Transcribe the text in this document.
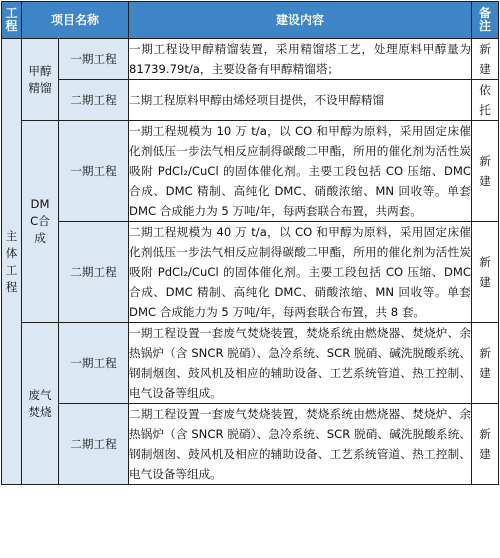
工程	项目名称		建设内容	备注
主体工程	甲醇精馏	一期工程	一期工程设甲醇精馏装置，采用精馏塔工艺，处理原料甲醇量为 81739.79t/a，主要设备有甲醇精馏塔；	新建
		二期工程	二期工程原料甲醇由烯烃项目提供，不设甲醇精馏	依托
	DMC合成	一期工程	一期工程规模为 10 万 t/a，以 CO 和甲醇为原料，采用固定床催化剂低压一步法气相反应制得碳酸二甲酯，所用的催化剂为活性炭吸附 PdCl₂/CuCl 的固体催化剂。主要工段包括 CO 压缩、DMC 合成、DMC 精制、高纯化 DMC、硝酸浓缩、MN 回收等。单套 DMC 合成能力为 5 万吨/年，每两套联合布置，共两套。	新建
		二期工程	二期工程规模为 40 万 t/a，以 CO 和甲醇为原料，采用固定床催化剂低压一步法气相反应制得碳酸二甲酯，所用的催化剂为活性炭吸附 PdCl₂/CuCl 的固体催化剂。主要工段包括 CO 压缩、DMC 合成、DMC 精制、高纯化 DMC、硝酸浓缩、MN 回收等。单套 DMC 合成能力为 5 万吨/年，每两套联合布置，共 8 套。	新建
	废气焚烧	一期工程	一期工程设置一套废气焚烧装置，焚烧系统由燃烧器、焚烧炉、余热锅炉（含 SNCR 脱硝）、急冷系统、SCR 脱硝、碱洗脱酸系统、钢制烟囱、鼓风机及相应的辅助设备、工艺系统管道、热工控制、电气设备等组成。	新建
		二期工程	二期工程设置一套废气焚烧装置，焚烧系统由燃烧器、焚烧炉、余热锅炉（含 SNCR 脱硝）、急冷系统、SCR 脱硝、碱洗脱酸系统、钢制烟囱、鼓风机及相应的辅助设备、工艺系统管道、热工控制、电气设备等组成。	新建
